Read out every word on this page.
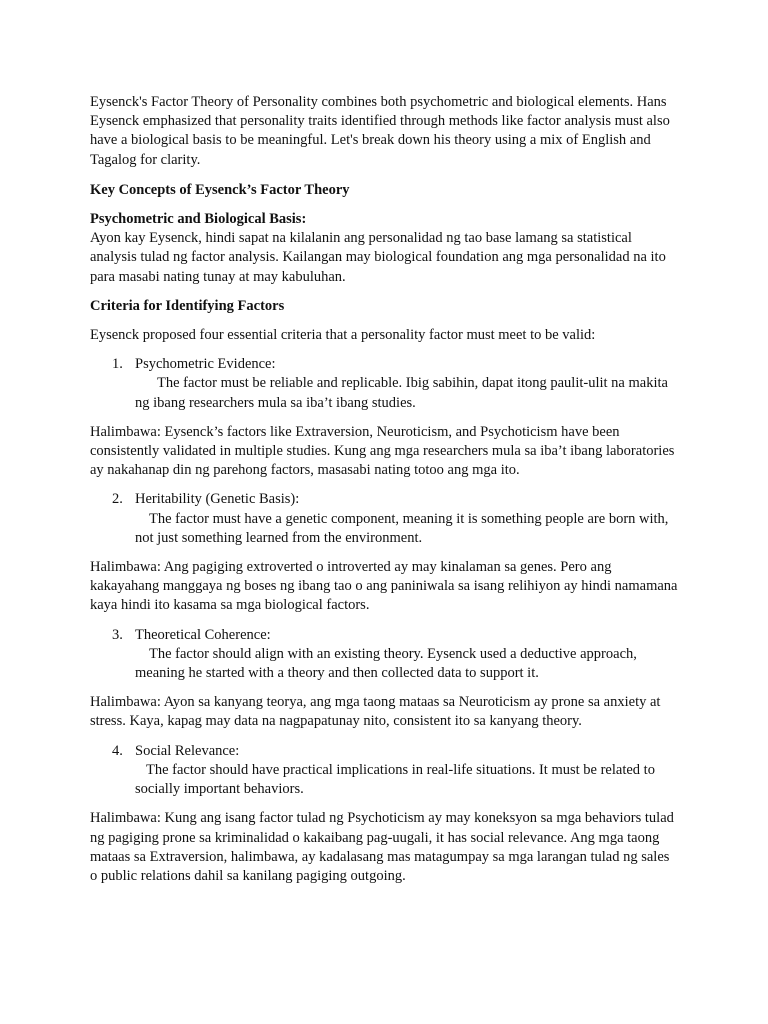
Eysenck's Factor Theory of Personality combines both psychometric and biological elements. Hans Eysenck emphasized that personality traits identified through methods like factor analysis must also have a biological basis to be meaningful. Let's break down his theory using a mix of English and Tagalog for clarity.

Key Concepts of Eysenck’s Factor Theory

Psychometric and Biological Basis:
Ayon kay Eysenck, hindi sapat na kilalanin ang personalidad ng tao base lamang sa statistical analysis tulad ng factor analysis. Kailangan may biological foundation ang mga personalidad na ito para masabi nating tunay at may kabuluhan.

Criteria for Identifying Factors

Eysenck proposed four essential criteria that a personality factor must meet to be valid:

1. Psychometric Evidence:
The factor must be reliable and replicable. Ibig sabihin, dapat itong paulit-ulit na makita ng ibang researchers mula sa iba’t ibang studies.

Halimbawa: Eysenck’s factors like Extraversion, Neuroticism, and Psychoticism have been consistently validated in multiple studies. Kung ang mga researchers mula sa iba’t ibang laboratories ay nakahanap din ng parehong factors, masasabi nating totoo ang mga ito.

2. Heritability (Genetic Basis):
The factor must have a genetic component, meaning it is something people are born with, not just something learned from the environment.

Halimbawa: Ang pagiging extroverted o introverted ay may kinalaman sa genes. Pero ang kakayahang manggaya ng boses ng ibang tao o ang paniniwala sa isang relihiyon ay hindi namamana kaya hindi ito kasama sa mga biological factors.

3. Theoretical Coherence:
The factor should align with an existing theory. Eysenck used a deductive approach, meaning he started with a theory and then collected data to support it.

Halimbawa: Ayon sa kanyang teorya, ang mga taong mataas sa Neuroticism ay prone sa anxiety at stress. Kaya, kapag may data na nagpapatunay nito, consistent ito sa kanyang theory.

4. Social Relevance:
The factor should have practical implications in real-life situations. It must be related to socially important behaviors.

Halimbawa: Kung ang isang factor tulad ng Psychoticism ay may koneksyon sa mga behaviors tulad ng pagiging prone sa kriminalidad o kakaibang pag-uugali, it has social relevance. Ang mga taong mataas sa Extraversion, halimbawa, ay kadalasang mas matagumpay sa mga larangan tulad ng sales o public relations dahil sa kanilang pagiging outgoing.
